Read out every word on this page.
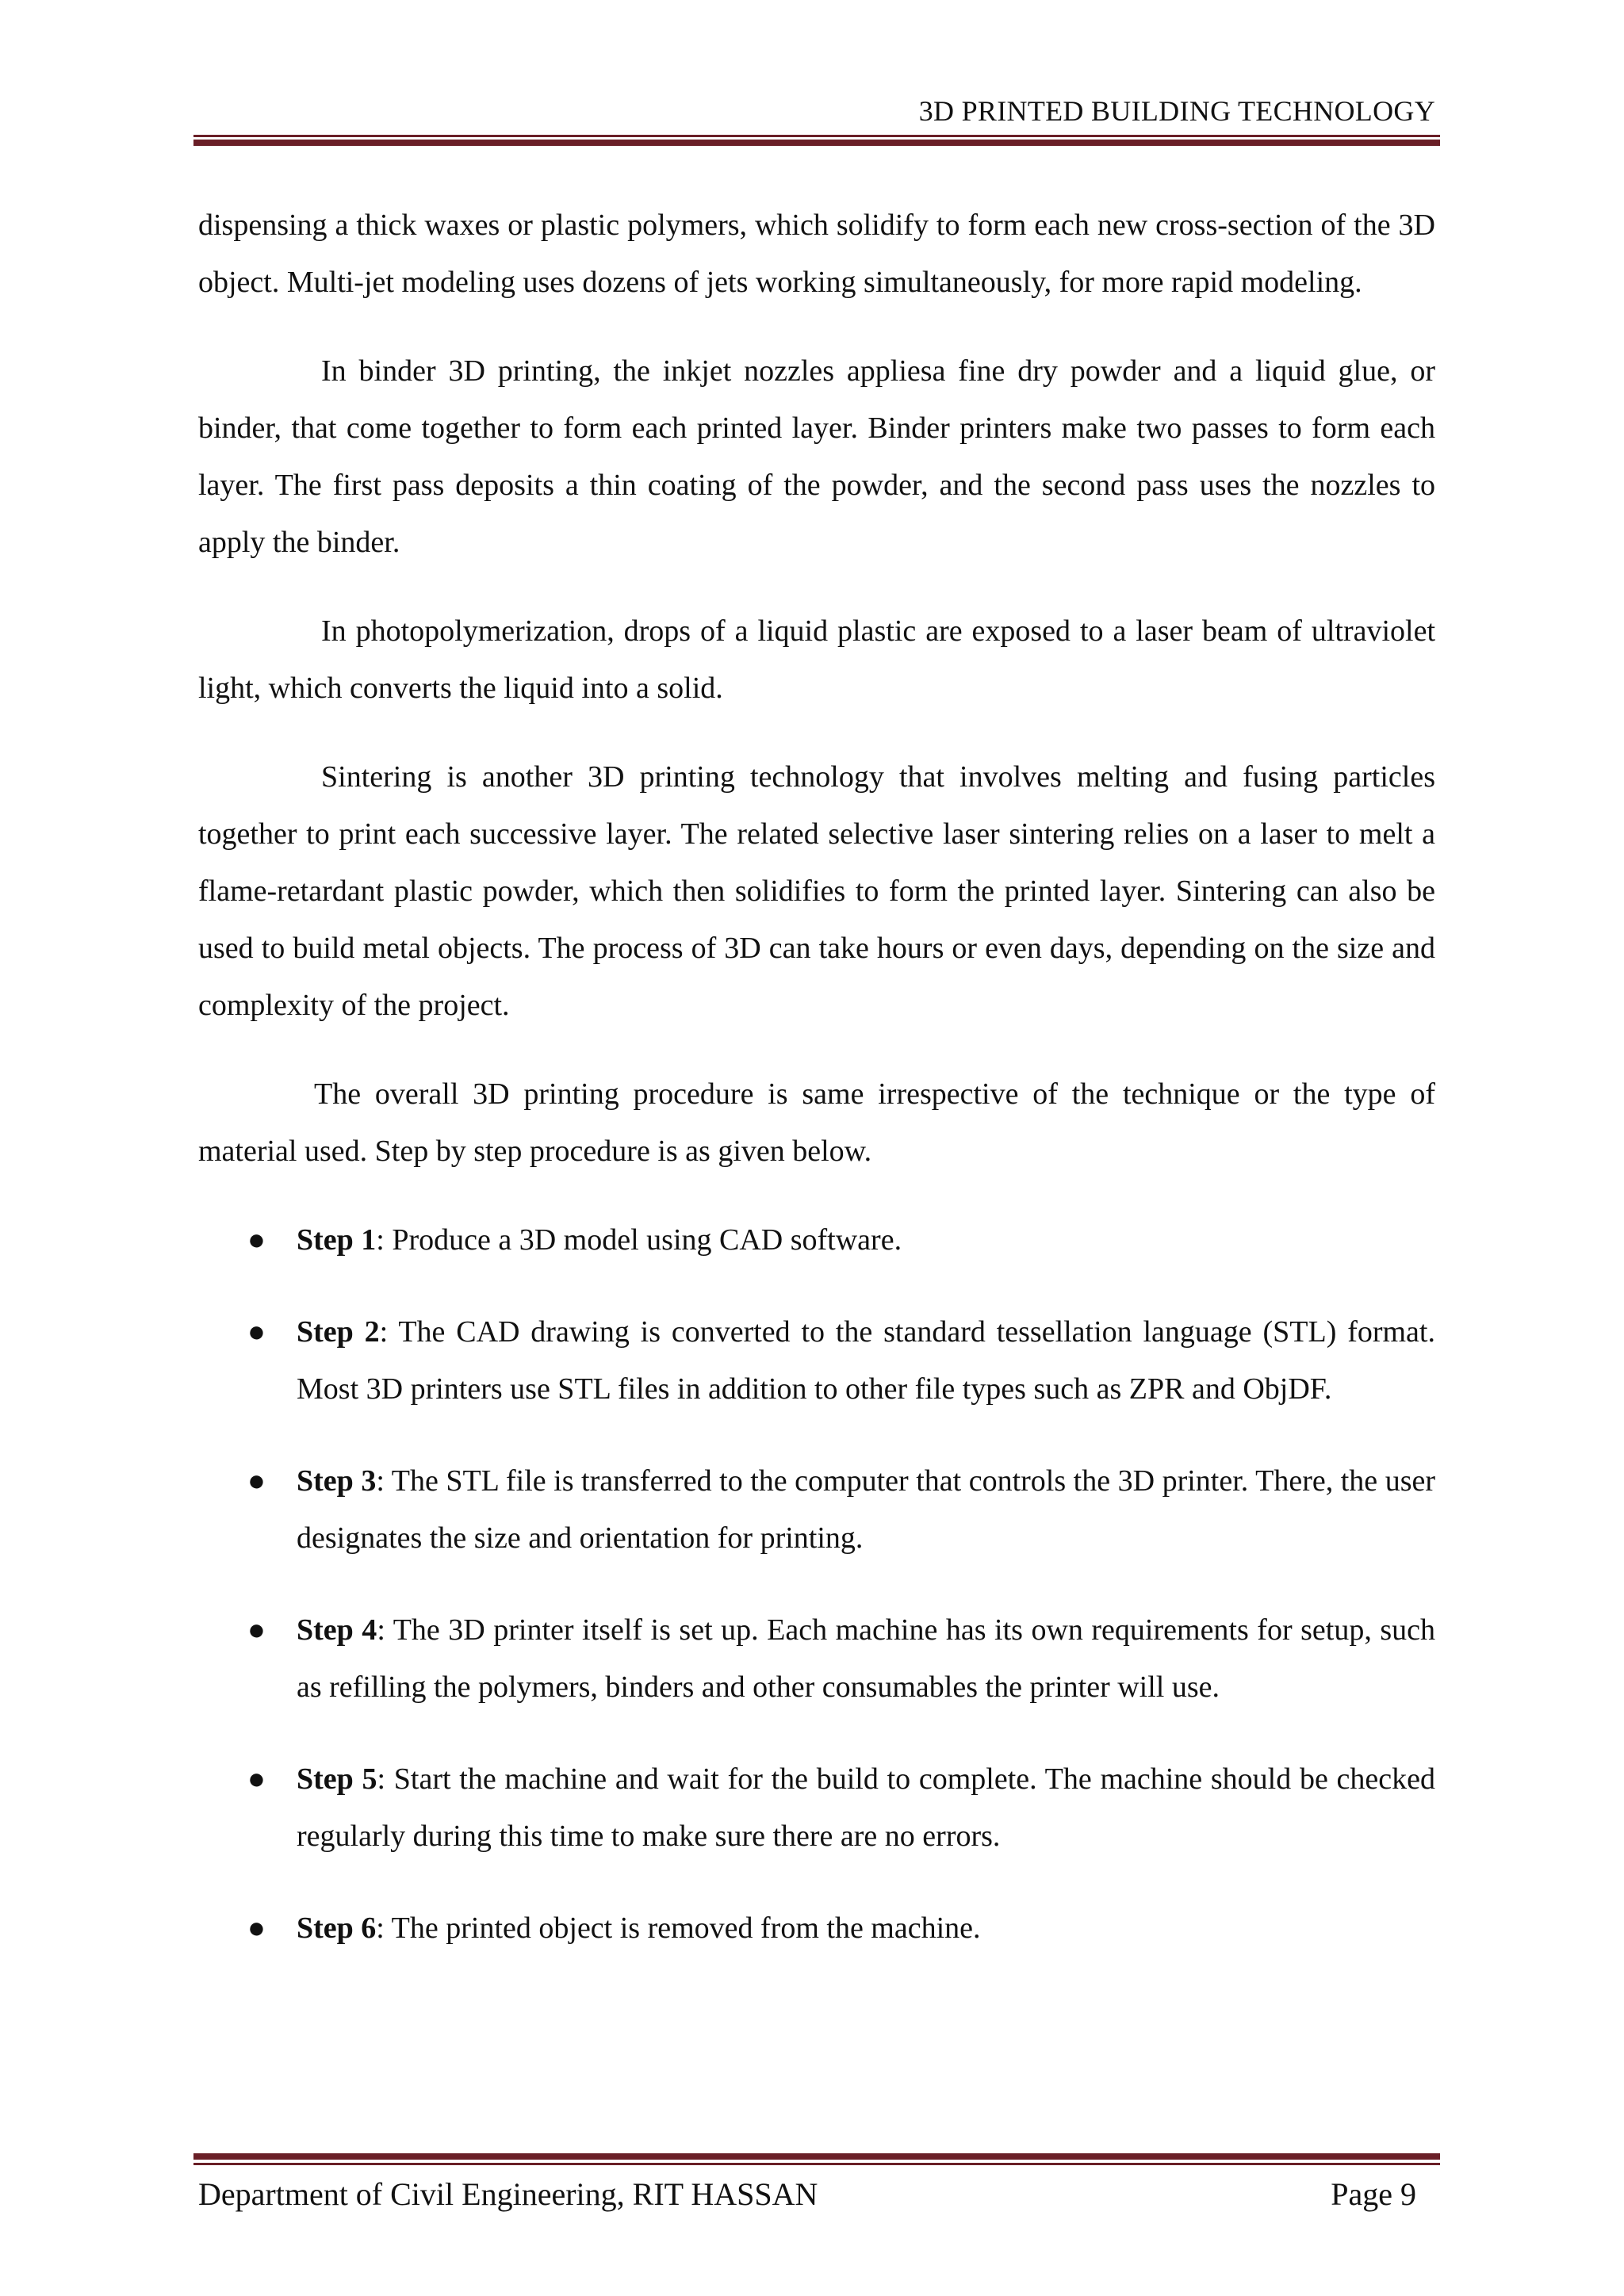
3D PRINTED BUILDING TECHNOLOGY

dispensing a thick waxes or plastic polymers, which solidify to form each new cross-section of the 3D object. Multi-jet modeling uses dozens of jets working simultaneously, for more rapid modeling.

In binder 3D printing, the inkjet nozzles appliesa fine dry powder and a liquid glue, or binder, that come together to form each printed layer. Binder printers make two passes to form each layer. The first pass deposits a thin coating of the powder, and the second pass uses the nozzles to apply the binder.

In photopolymerization, drops of a liquid plastic are exposed to a laser beam of ultraviolet light, which converts the liquid into a solid.

Sintering is another 3D printing technology that involves melting and fusing particles together to print each successive layer. The related selective laser sintering relies on a laser to melt a flame-retardant plastic powder, which then solidifies to form the printed layer. Sintering can also be used to build metal objects. The process of 3D can take hours or even days, depending on the size and complexity of the project.

The overall 3D printing procedure is same irrespective of the technique or the type of material used. Step by step procedure is as given below.

● Step 1: Produce a 3D model using CAD software.
● Step 2: The CAD drawing is converted to the standard tessellation language (STL) format. Most 3D printers use STL files in addition to other file types such as ZPR and ObjDF.
● Step 3: The STL file is transferred to the computer that controls the 3D printer. There, the user designates the size and orientation for printing.
● Step 4: The 3D printer itself is set up. Each machine has its own requirements for setup, such as refilling the polymers, binders and other consumables the printer will use.
● Step 5: Start the machine and wait for the build to complete. The machine should be checked regularly during this time to make sure there are no errors.
● Step 6: The printed object is removed from the machine.
Department of Civil Engineering, RIT HASSAN	Page 9
